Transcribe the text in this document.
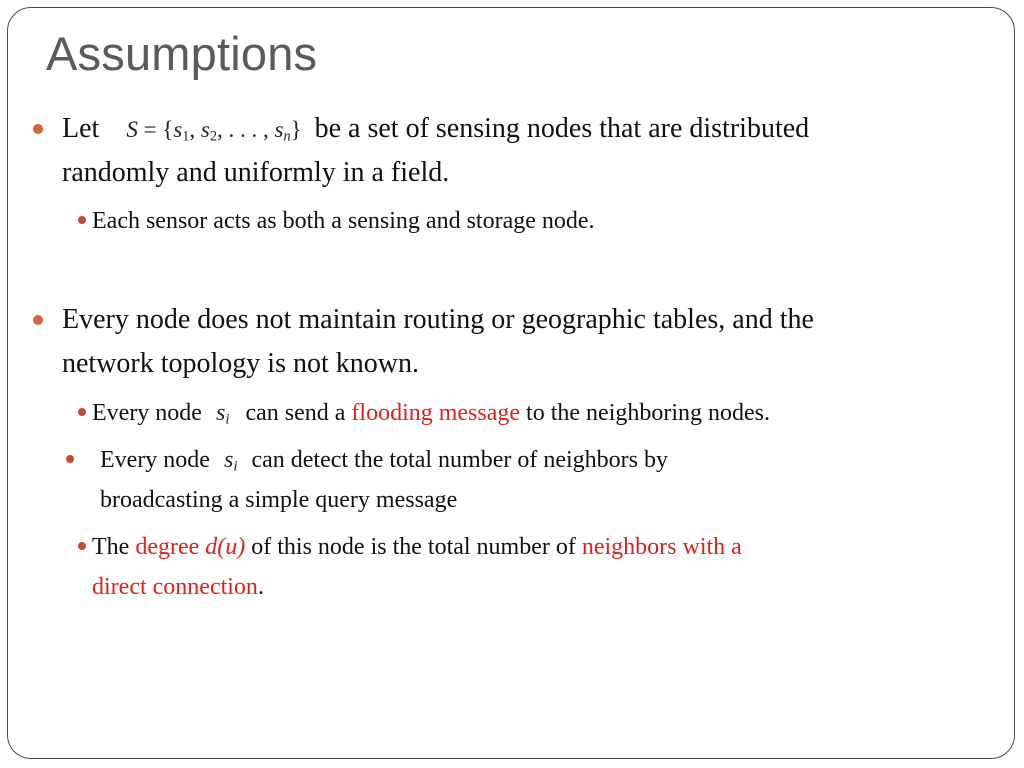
Assumptions
Let $S = \{s_1$, $s_2$, . . . , sn} be a set of sensing nodes that are distributed
randomly and uniformly in a field.
Each sensor acts as both a sensing and storage node.
Every node does not maintain routing or geographic tables, and the
network topology is not known.
Every node si can send a flooding message to the neighboring nodes.
Every node si can detect the total number of neighbors by
broadcasting a simple query message
The degree d(u) of this node is the total number of neighbors with a
direct connection.
